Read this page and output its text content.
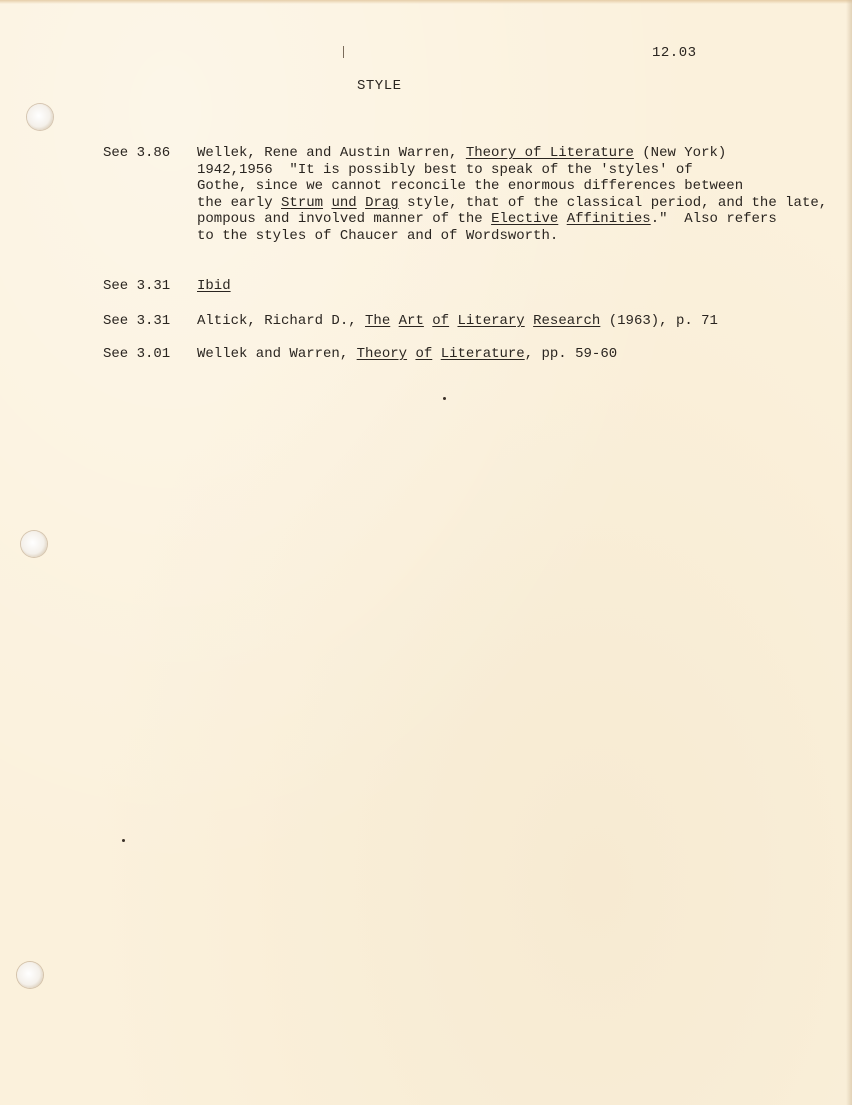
12.03
STYLE

See 3.86

Wellek, Rene and Austin Warren, Theory of Literature (New York)
1942,1956  "It is possibly best to speak of the 'styles' of
Gothe, since we cannot reconcile the enormous differences between
the early Strum und Drag style, that of the classical period, and the late,
pompous and involved manner of the Elective Affinities."  Also refers
to the styles of Chaucer and of Wordsworth.

See 3.31

Ibid

See 3.31

Altick, Richard D., The Art of Literary Research (1963), p. 71

See 3.01

Wellek and Warren, Theory of Literature, pp. 59-60
